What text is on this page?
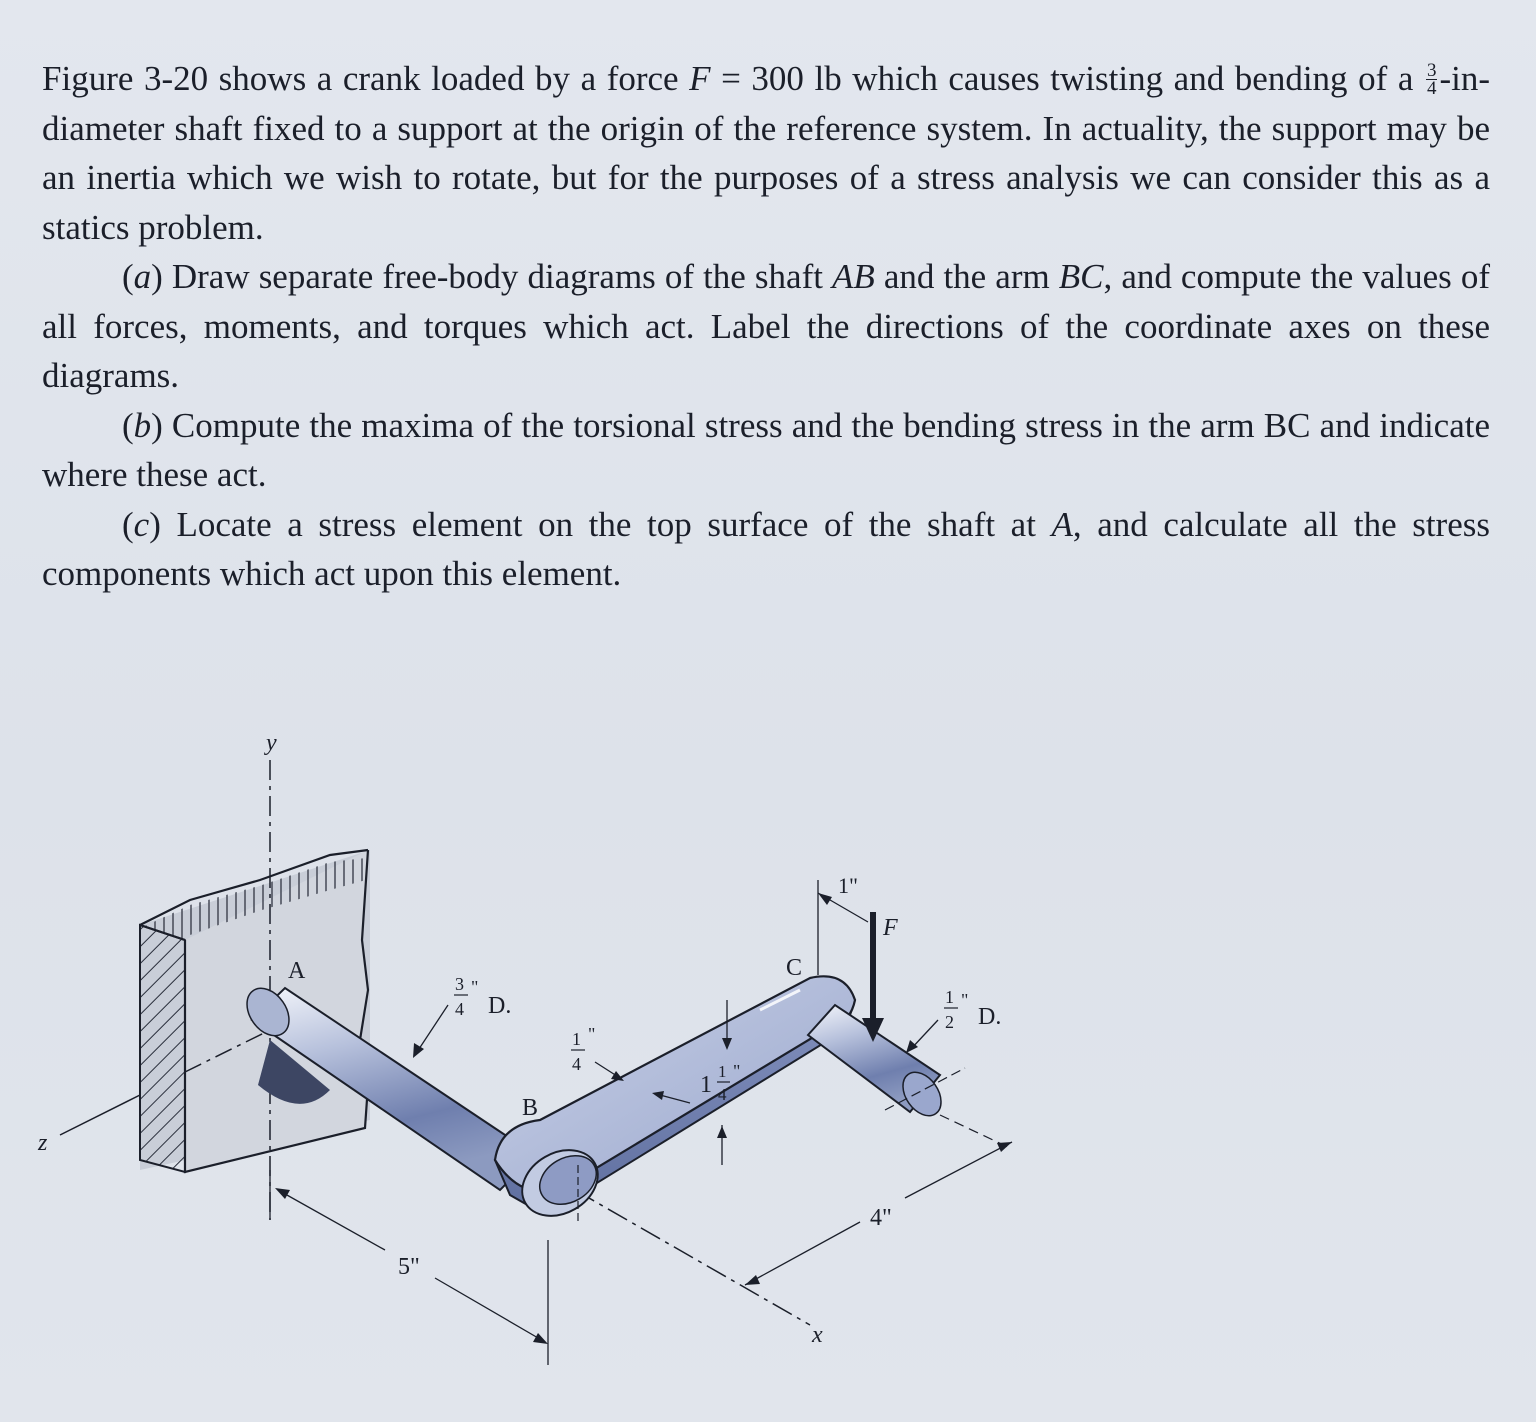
Figure 3-20 shows a crank loaded by a force F = 300 lb which causes twisting and bending of a $\frac{3}{4}$ -in-diameter shaft fixed to a support at the origin of the reference system. In actuality, the support may be an inertia which we wish to rotate, but for the purposes of a stress analysis we can consider this as a statics problem.

(a) Draw separate free-body diagrams of the shaft AB and the arm BC, and compute the values of all forces, moments, and torques which act. Label the directions of the coordinate axes on these diagrams.

(b) Compute the maxima of the torsional stress and the bending stress in the arm BC and indicate where these act.

(c) Locate a stress element on the top surface of the shaft at A, and calculate all the stress components which act upon this element.

y
z
x
F
A
B
C
1"
3
4
"
D.	1
2
"
D.
1
4
"
1
1
4
"
5"
4"
